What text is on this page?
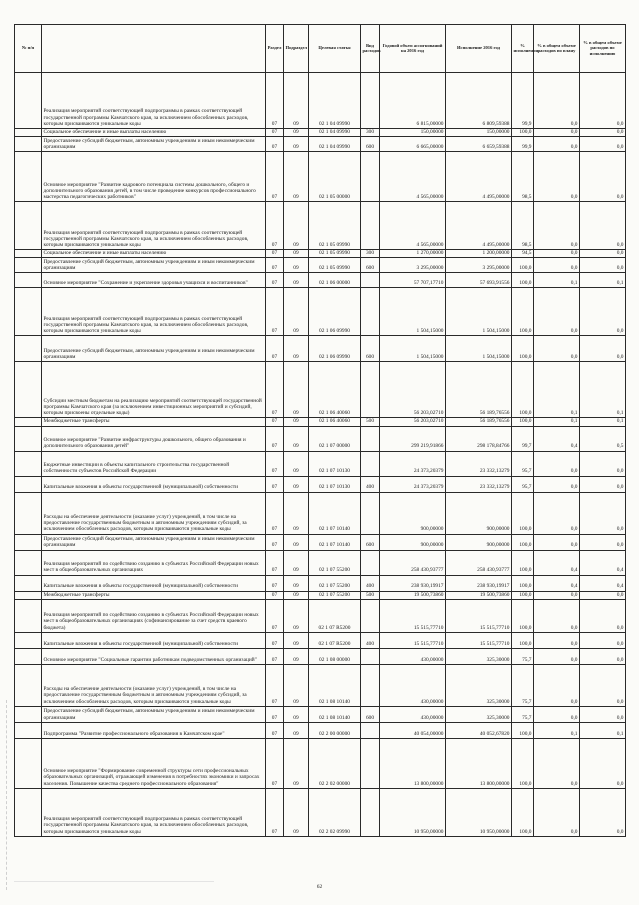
№ п/п		Раздел	Подраздел	Целевая статья	Вид расходов	Годовой объем ассигнований на 2016 год	Исполнение 2016 год	% исполнения	% в общем объеме расходов по плану	% в общем объеме расходов по исполнению
	Реализация мероприятий соответствующей подпрограммы в рамках соответствующей государственной программы Камчатского края, за исключением обособленных расходов, которым присваиваются уникальные коды	07	09	02 1 04 09990		6 815,00000	6 809,59388	99,9	0,0	0,0
	Социальное обеспечение и иные выплаты населению	07	09	02 1 04 09990	300	150,00000	150,00000	100,0	0,0	0,0
	Предоставление субсидий бюджетным, автономным учреждениям и иным некоммерческим организациям	07	09	02 1 04 09990	600	6 665,00000	6 659,59388	99,9	0,0	0,0
	Основное мероприятие "Развитие кадрового потенциала системы дошкольного, общего и дополнительного образования детей, в том числе проведение конкурсов профессионального мастерства педагогических работников"	07	09	02 1 05 00000		4 565,00000	4 495,00000	98,5	0,0	0,0
	Реализация мероприятий соответствующей подпрограммы в рамках соответствующей государственной программы Камчатского края, за исключением обособленных расходов, которым присваиваются уникальные коды	07	09	02 1 05 09990		4 565,00000	4 495,00000	98,5	0,0	0,0
	Социальное обеспечение и иные выплаты населению	07	09	02 1 05 09990	300	1 270,00000	1 200,00000	94,5	0,0	0,0
	Предоставление субсидий бюджетным, автономным учреждениям и иным некоммерческим организациям	07	09	02 1 05 09990	600	3 295,00000	3 295,00000	100,0	0,0	0,0
	Основное мероприятие "Сохранение и укрепление здоровья учащихся и воспитанников"	07	09	02 1 06 00000		57 707,17710	57 693,91556	100,0	0,1	0,1
	Реализация мероприятий соответствующей подпрограммы в рамках соответствующей государственной программы Камчатского края, за исключением обособленных расходов, которым присваиваются уникальные коды	07	09	02 1 06 09990		1 504,15000	1 504,15000	100,0	0,0	0,0
	Предоставление субсидий бюджетным, автономным учреждениям и иным некоммерческим организациям	07	09	02 1 06 09990	600	1 504,15000	1 504,15000	100,0	0,0	0,0
	Субсидии местным бюджетам на реализацию мероприятий соответствующей государственной программы Камчатского края (за исключением инвестиционных мероприятий и субсидий, которым присвоены отдельные коды)	07	09	02 1 06 40060		56 203,02710	56 189,76556	100,0	0,1	0,1
	Межбюджетные трансферты	07	09	02 1 06 40060	500	56 203,02710	56 189,76556	100,0	0,1	0,1
	Основное мероприятие "Развитие инфраструктуры дошкольного, общего образования и дополнительного образования детей"	07	09	02 1 07 00000		299 219,91866	298 178,84766	99,7	0,4	0,5
	Бюджетные инвестиции в объекты капитального строительства государственной собственности субъектов Российской Федерации	07	09	02 1 07 10130		24 373,20379	23 332,13279	95,7	0,0	0,0
	Капитальные вложения в объекты государственной (муниципальной) собственности	07	09	02 1 07 10130	400	24 373,20379	23 332,13279	95,7	0,0	0,0
	Расходы на обеспечение деятельности (оказание услуг) учреждений, в том числе на предоставление государственным бюджетным и автономным учреждениям субсидий, за исключением обособленных расходов, которым присваиваются уникальные коды	07	09	02 1 07 10140		900,00000	900,00000	100,0	0,0	0,0
	Предоставление субсидий бюджетным, автономным учреждениям и иным некоммерческим организациям	07	09	02 1 07 10140	600	900,00000	900,00000	100,0	0,0	0,0
	Реализация мероприятий по содействию созданию в субъектах Российской Федерации новых мест в общеобразовательных организациях	07	09	02 1 07 55200		258 430,93777	258 430,93777	100,0	0,4	0,4
	Капитальные вложения в объекты государственной (муниципальной) собственности	07	09	02 1 07 55200	400	238 930,19917	238 930,19917	100,0	0,4	0,4
	Межбюджетные трансферты	07	09	02 1 07 55200	500	19 500,73860	19 500,73860	100,0	0,0	0,0
	Реализация мероприятий по содействию созданию в субъектах Российской Федерации новых мест в общеобразовательных организациях (софинансирование за счет средств краевого бюджета)	07	09	02 1 07 R5200		15 515,77710	15 515,77710	100,0	0,0	0,0
	Капитальные вложения в объекты государственной (муниципальной) собственности	07	09	02 1 07 R5200	400	15 515,77710	15 515,77710	100,0	0,0	0,0
	Основное мероприятие "Социальные гарантии работникам подведомственных организаций"	07	09	02 1 08 00000		430,00000	325,30000	75,7	0,0	0,0
	Расходы на обеспечение деятельности (оказание услуг) учреждений, в том числе на предоставление государственным бюджетным и автономным учреждениям субсидий, за исключением обособленных расходов, которым присваиваются уникальные коды	07	09	02 1 08 10140		430,00000	325,30000	75,7	0,0	0,0
	Предоставление субсидий бюджетным, автономным учреждениям и иным некоммерческим организациям	07	09	02 1 08 10140	600	430,00000	325,30000	75,7	0,0	0,0
	Подпрограмма "Развитие профессионального образования в Камчатском крае"	07	09	02 2 00 00000		40 054,00000	40 052,67820	100,0	0,1	0,1
	Основное мероприятие "Формирование современной структуры сети профессиональных образовательных организаций, отражающей изменения в потребностях экономики и запросах населения. Повышение качества среднего профессионального образования"	07	09	02 2 02 00000		13 800,00000	13 800,00000	100,0	0,0	0,0
	Реализация мероприятий соответствующей подпрограммы в рамках соответствующей государственной программы Камчатского края, за исключением обособленных расходов, которым присваиваются уникальные коды	07	09	02 2 02 09990		10 950,00000	10 950,00000	100,0	0,0	0,0
62
